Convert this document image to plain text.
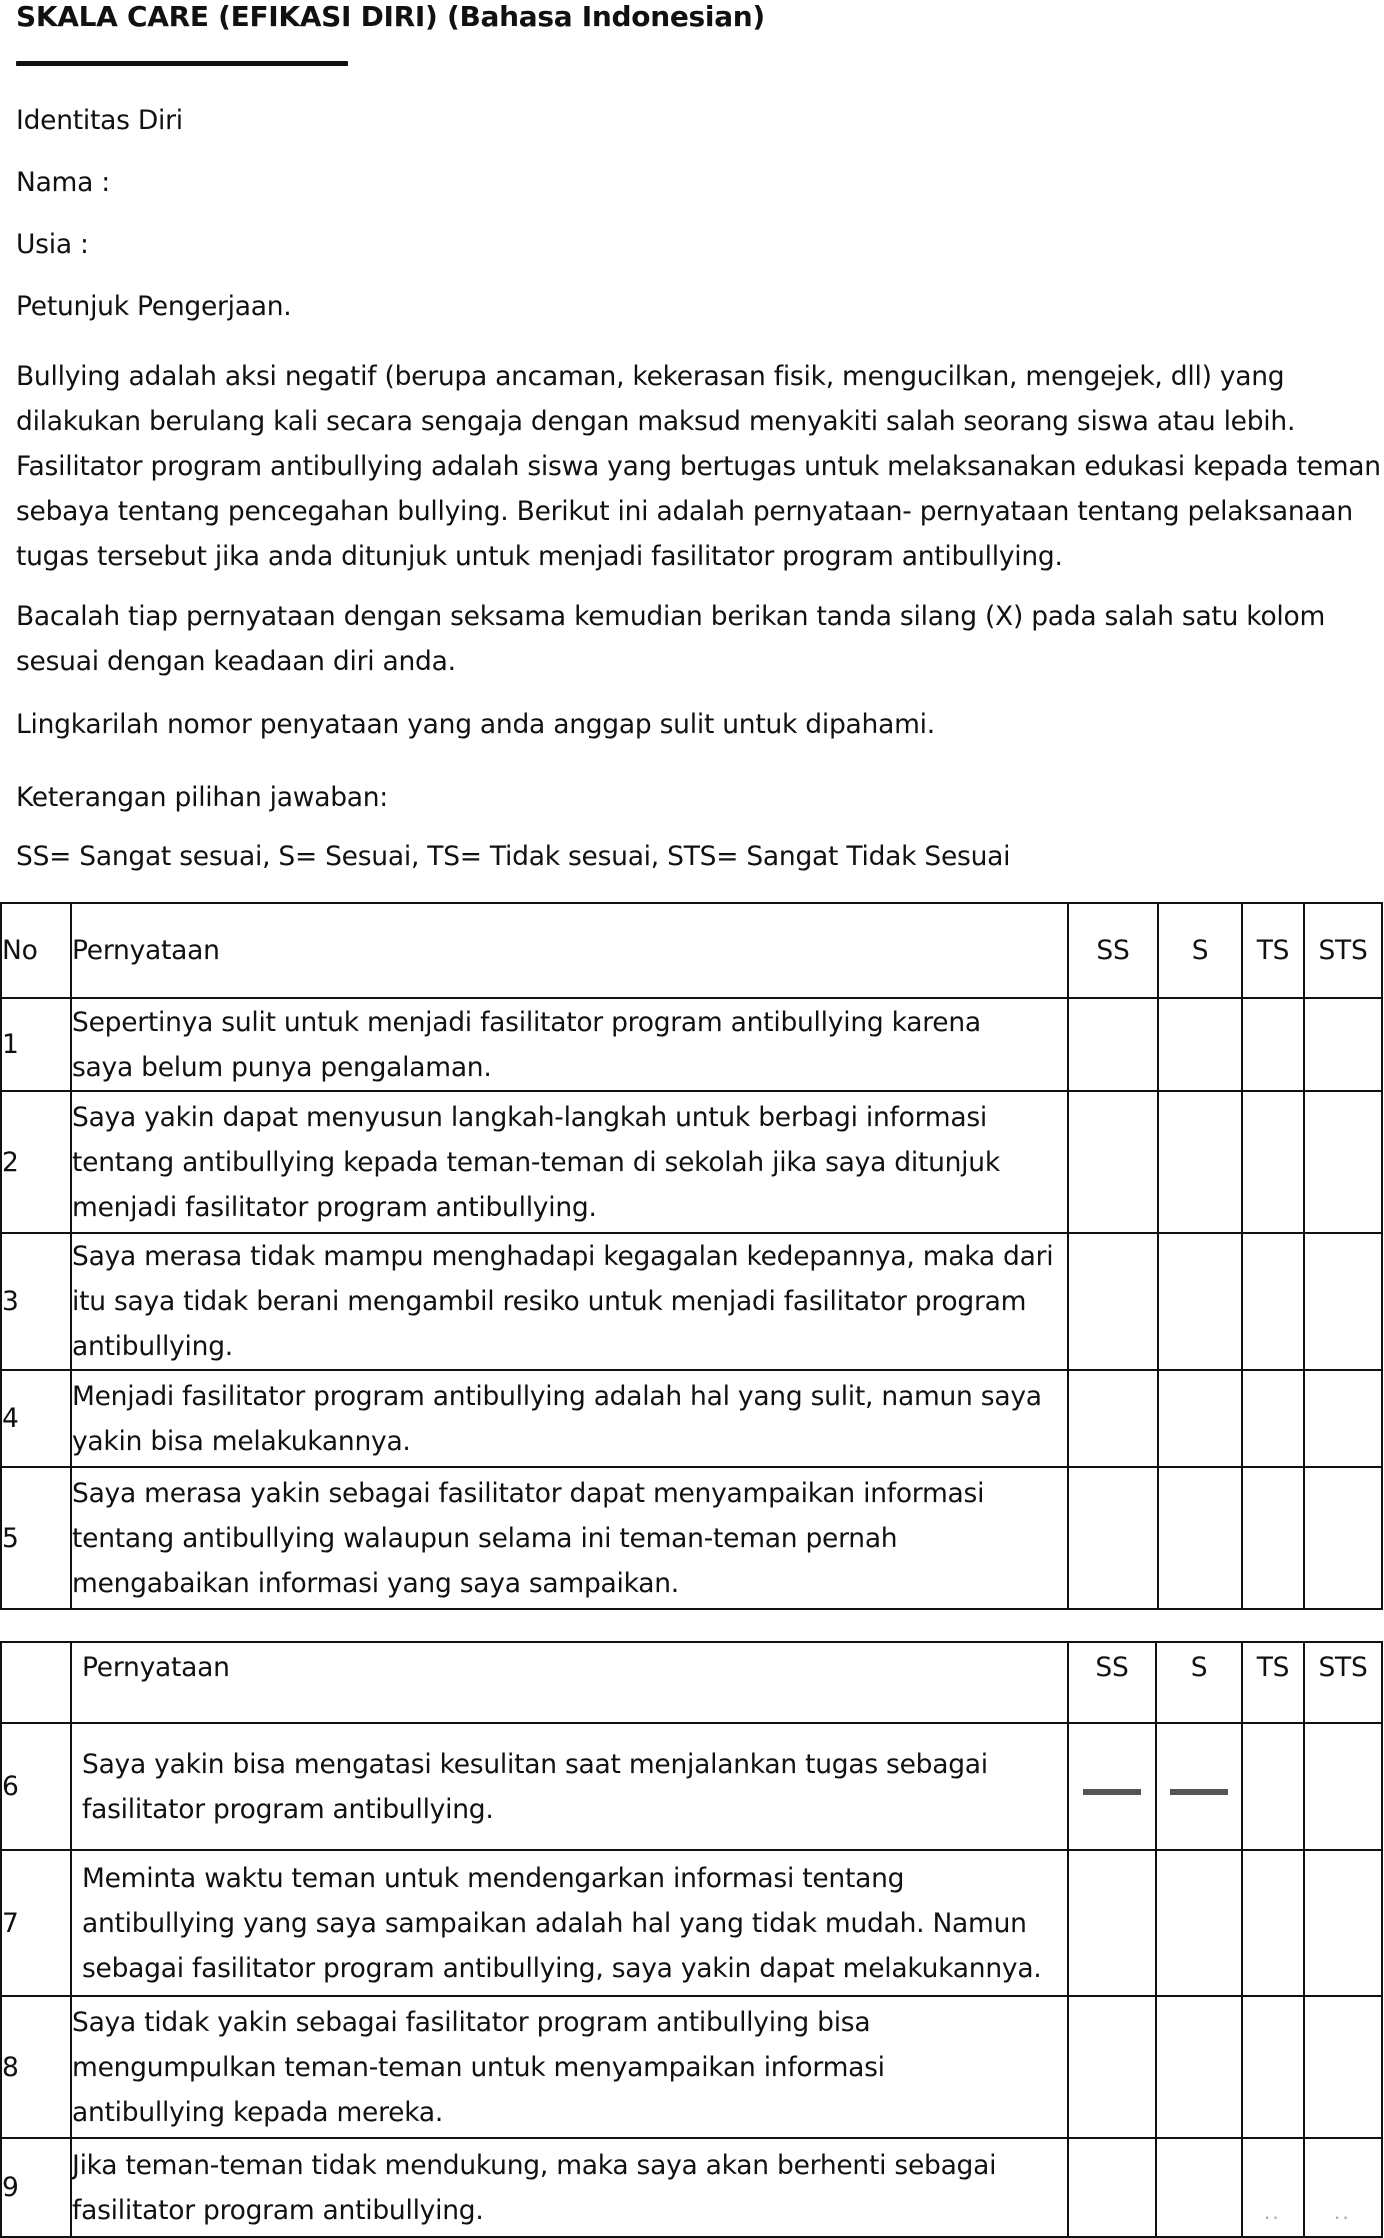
SKALA CARE (EFIKASI DIRI) (Bahasa Indonesian)
Identitas Diri
Nama :
Usia :
Petunjuk Pengerjaan.
Bullying adalah aksi negatif (berupa ancaman, kekerasan fisik, mengucilkan, mengejek, dll) yang
dilakukan berulang kali secara sengaja dengan maksud menyakiti salah seorang siswa atau lebih.
Fasilitator program antibullying adalah siswa yang bertugas untuk melaksanakan edukasi kepada teman
sebaya tentang pencegahan bullying. Berikut ini adalah pernyataan- pernyataan tentang pelaksanaan
tugas tersebut jika anda ditunjuk untuk menjadi fasilitator program antibullying.
Bacalah tiap pernyataan dengan seksama kemudian berikan tanda silang (X) pada salah satu kolom
sesuai dengan keadaan diri anda.
Lingkarilah nomor penyataan yang anda anggap sulit untuk dipahami.
Keterangan pilihan jawaban:
SS= Sangat sesuai, S= Sesuai, TS= Tidak sesuai, STS= Sangat Tidak Sesuai
No	Pernyataan	SS	S	TS	STS
1	Sepertinya sulit untuk menjadi fasilitator program antibullying karena
saya belum punya pengalaman.				

2	Saya yakin dapat menyusun langkah-langkah untuk berbagi informasi
tentang antibullying kepada teman-teman di sekolah jika saya ditunjuk
menjadi fasilitator program antibullying.				

3	Saya merasa tidak mampu menghadapi kegagalan kedepannya, maka dari
itu saya tidak berani mengambil resiko untuk menjadi fasilitator program
antibullying.				

4	Menjadi fasilitator program antibullying adalah hal yang sulit, namun saya
yakin bisa melakukannya.				

5	Saya merasa yakin sebagai fasilitator dapat menyampaikan informasi
tentang antibullying walaupun selama ini teman-teman pernah
mengabaikan informasi yang saya sampaikan.				

	Pernyataan	SS	S	TS	STS
6	Saya yakin bisa mengatasi kesulitan saat menjalankan tugas sebagai
fasilitator program antibullying.				

7	Meminta waktu teman untuk mendengarkan informasi tentang
antibullying yang saya sampaikan adalah hal yang tidak mudah. Namun
sebagai fasilitator program antibullying, saya yakin dapat melakukannya.				

8	Saya tidak yakin sebagai fasilitator program antibullying bisa
mengumpulkan teman-teman untuk menyampaikan informasi
antibullying kepada mereka.				

9	Jika teman-teman tidak mendukung, maka saya akan berhenti sebagai
fasilitator program antibullying.			..	..
